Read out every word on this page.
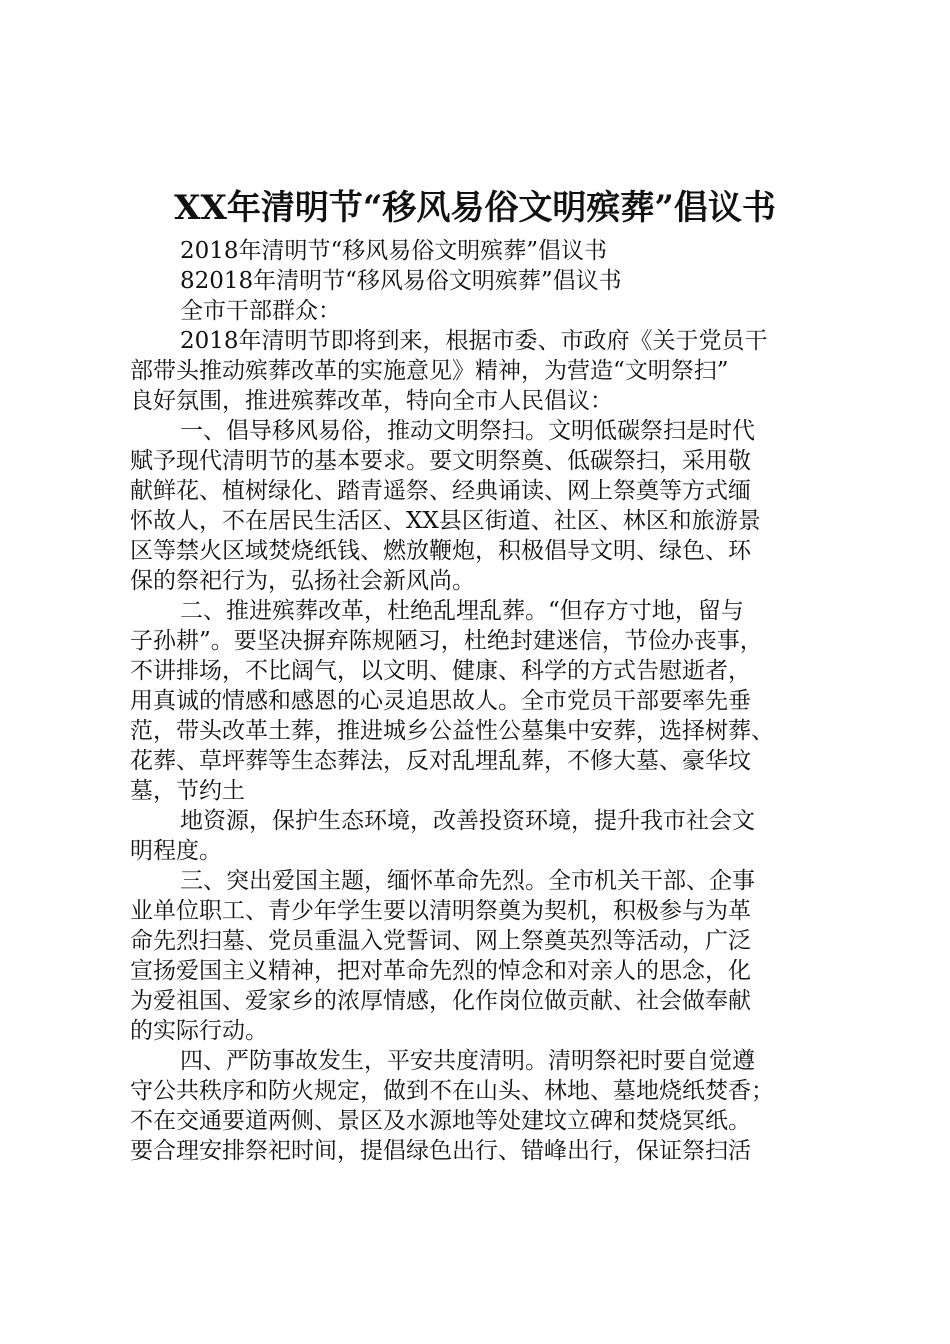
XX年清明节“移风易俗文明殡葬”倡议书
2018年清明节“移风易俗文明殡葬”倡议书
82018年清明节“移风易俗文明殡葬”倡议书
全市干部群众：
2018年清明节即将到来，根据市委、市政府《关于党员干
部带头推动殡葬改革的实施意见》精神，为营造“文明祭扫”
良好氛围，推进殡葬改革，特向全市人民倡议：
一、倡导移风易俗，推动文明祭扫。文明低碳祭扫是时代
赋予现代清明节的基本要求。要文明祭奠、低碳祭扫，采用敬
献鲜花、植树绿化、踏青遥祭、经典诵读、网上祭奠等方式缅
怀故人，不在居民生活区、XX县区街道、社区、林区和旅游景
区等禁火区域焚烧纸钱、燃放鞭炮，积极倡导文明、绿色、环
保的祭祀行为，弘扬社会新风尚。
二、推进殡葬改革，杜绝乱埋乱葬。“但存方寸地，留与
子孙耕”。要坚决摒弃陈规陋习，杜绝封建迷信，节俭办丧事，
不讲排场，不比阔气，以文明、健康、科学的方式告慰逝者，
用真诚的情感和感恩的心灵追思故人。全市党员干部要率先垂
范，带头改革土葬，推进城乡公益性公墓集中安葬，选择树葬、
花葬、草坪葬等生态葬法，反对乱埋乱葬，不修大墓、豪华坟
墓，节约土
地资源，保护生态环境，改善投资环境，提升我市社会文
明程度。
三、突出爱国主题，缅怀革命先烈。全市机关干部、企事
业单位职工、青少年学生要以清明祭奠为契机，积极参与为革
命先烈扫墓、党员重温入党誓词、网上祭奠英烈等活动，广泛
宣扬爱国主义精神，把对革命先烈的悼念和对亲人的思念，化
为爱祖国、爱家乡的浓厚情感，化作岗位做贡献、社会做奉献
的实际行动。
四、严防事故发生，平安共度清明。清明祭祀时要自觉遵
守公共秩序和防火规定，做到不在山头、林地、墓地烧纸焚香；
不在交通要道两侧、景区及水源地等处建坟立碑和焚烧冥纸。
要合理安排祭祀时间，提倡绿色出行、错峰出行，保证祭扫活
